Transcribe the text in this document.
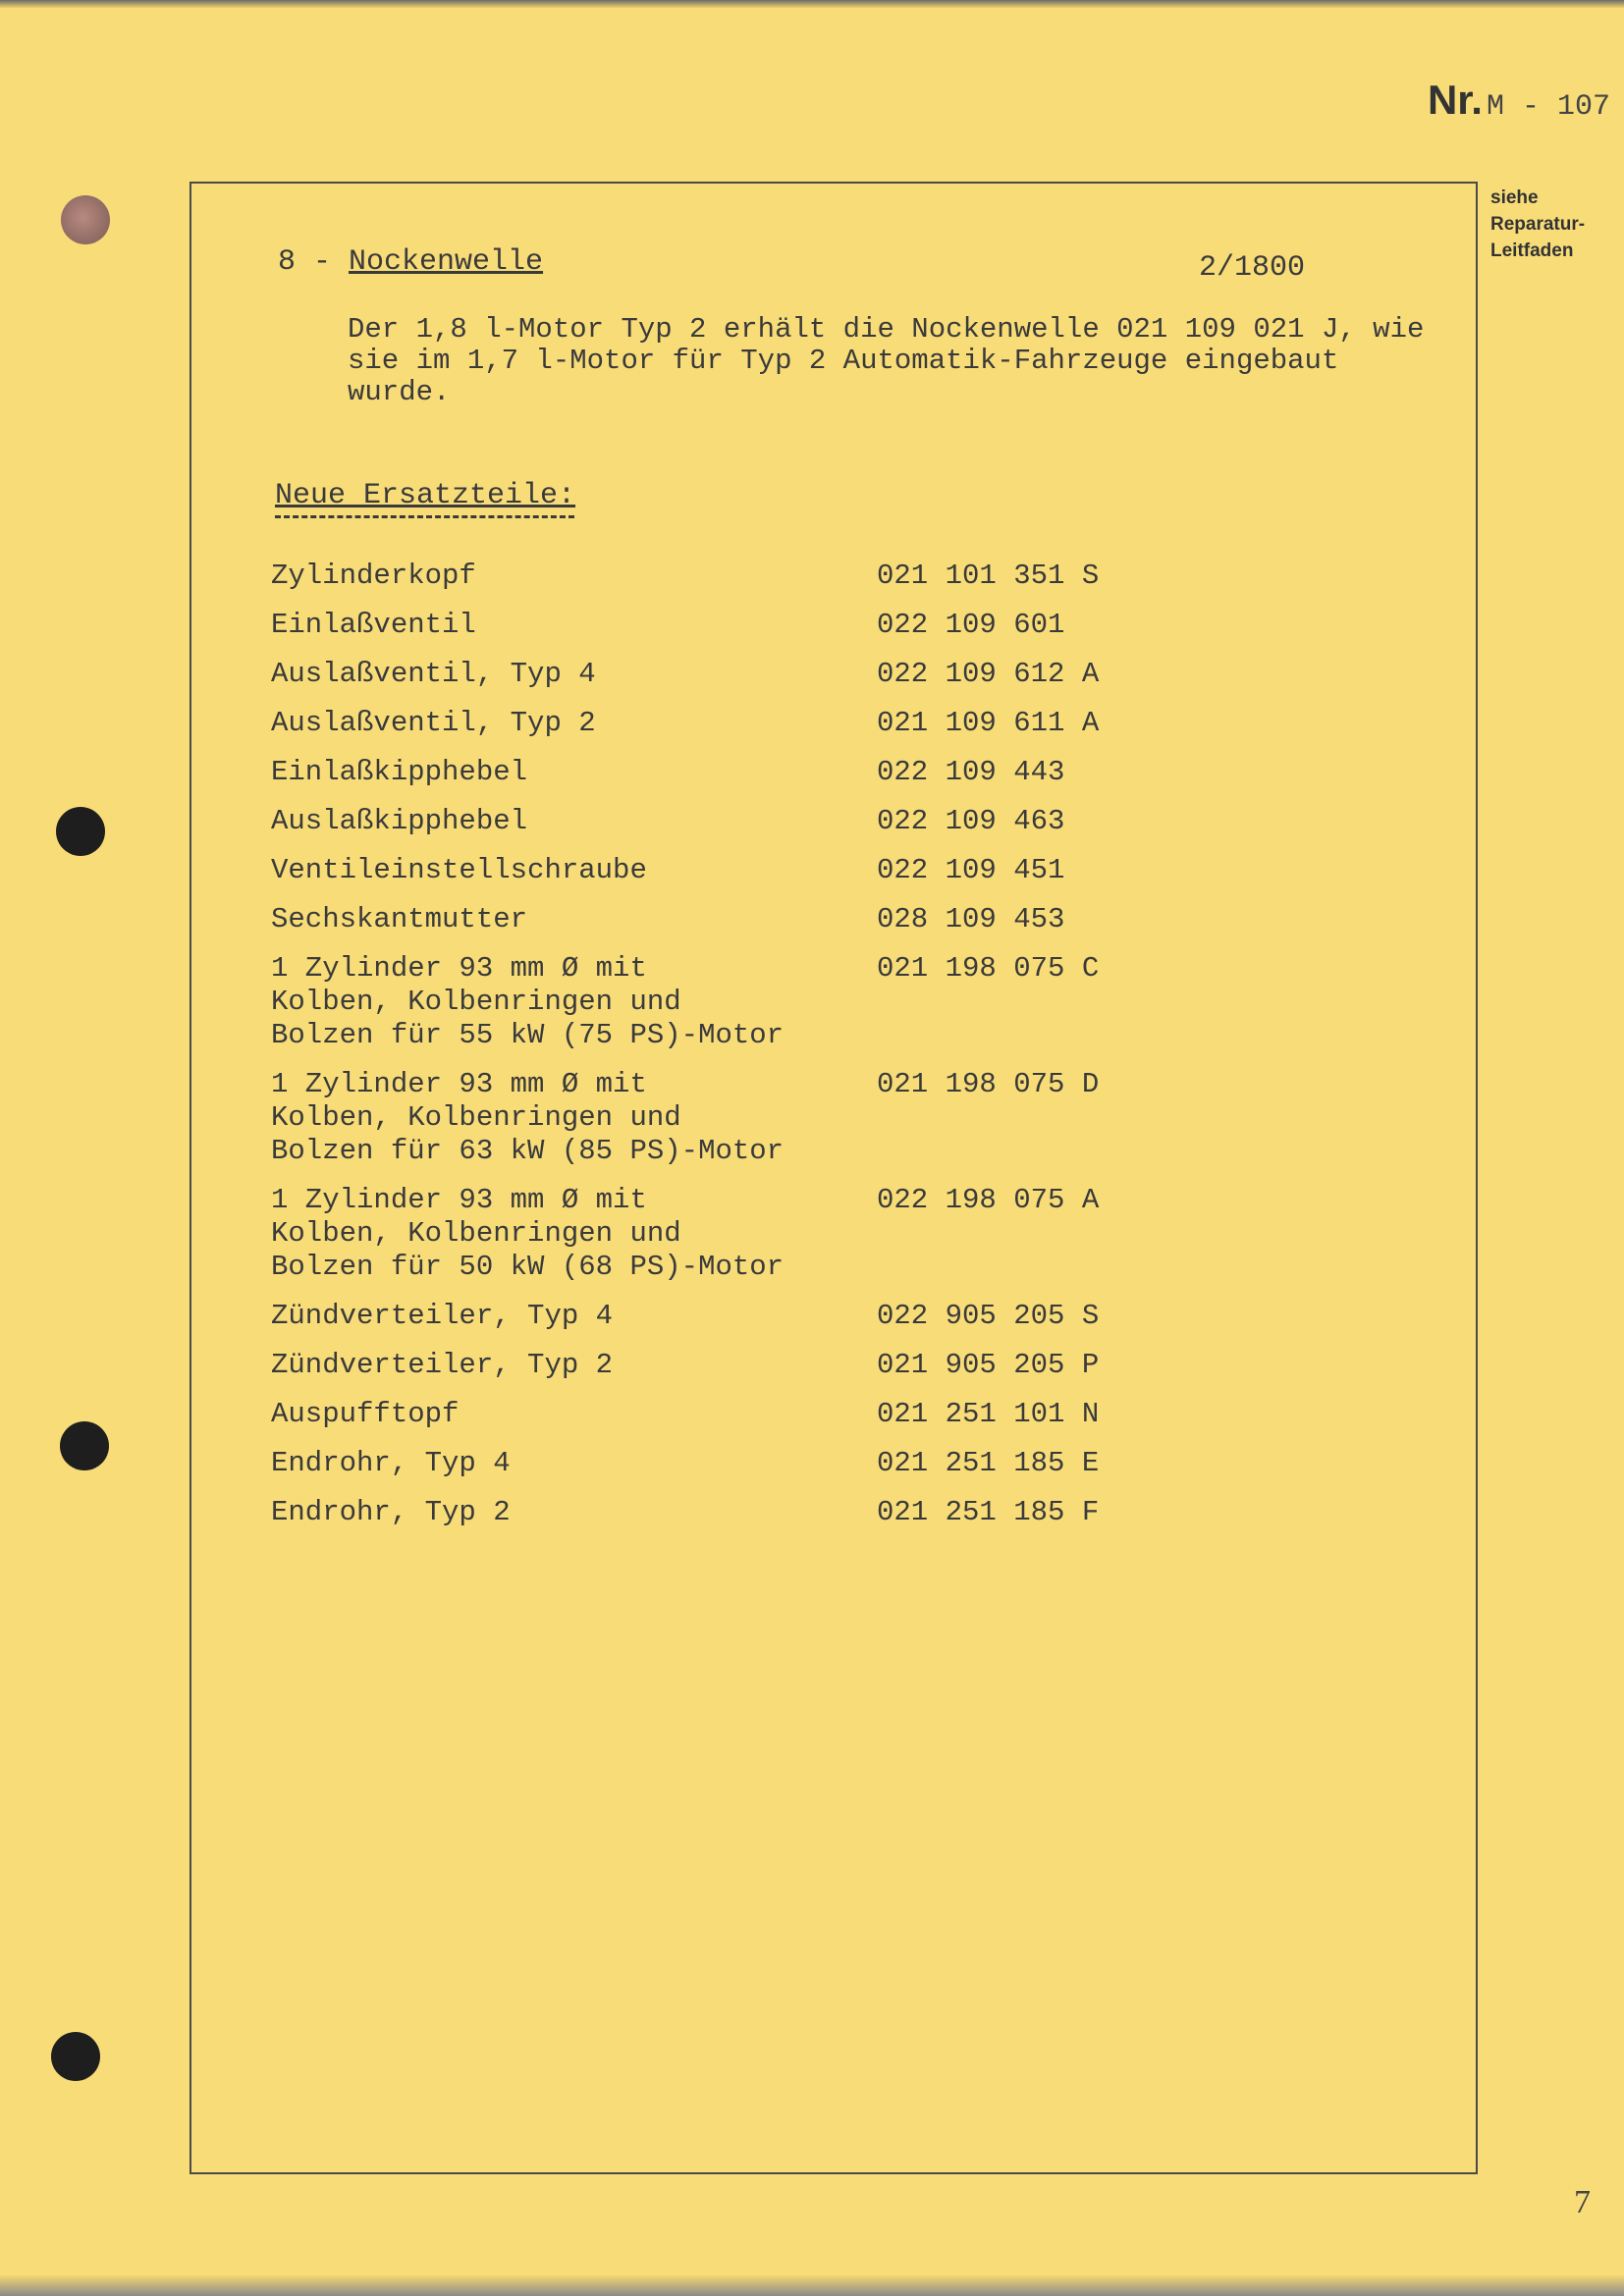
Nr. M - 107
siehe
Reparatur-
Leitfaden
8 - Nockenwelle	2/1800
Der 1,8 l-Motor Typ 2 erhält die Nockenwelle 021 109 021 J, wie
sie im 1,7 l-Motor für Typ 2 Automatik-Fahrzeuge eingebaut
wurde.
Neue Ersatzteile:
Zylinderkopf	021 101 351 S
Einlaßventil	022 109 601
Auslaßventil, Typ 4	022 109 612 A
Auslaßventil, Typ 2	021 109 611 A
Einlaßkipphebel	022 109 443
Auslaßkipphebel	022 109 463
Ventileinstellschraube	022 109 451
Sechskantmutter	028 109 453
1 Zylinder 93 mm Ø mit
Kolben, Kolbenringen und
Bolzen für 55 kW (75 PS)-Motor
021 198 075 C
1 Zylinder 93 mm Ø mit
Kolben, Kolbenringen und
Bolzen für 63 kW (85 PS)-Motor
021 198 075 D
1 Zylinder 93 mm Ø mit
Kolben, Kolbenringen und
Bolzen für 50 kW (68 PS)-Motor
022 198 075 A
Zündverteiler, Typ 4	022 905 205 S
Zündverteiler, Typ 2	021 905 205 P
Auspufftopf	021 251 101 N
Endrohr, Typ 4	021 251 185 E
Endrohr, Typ 2	021 251 185 F
7
